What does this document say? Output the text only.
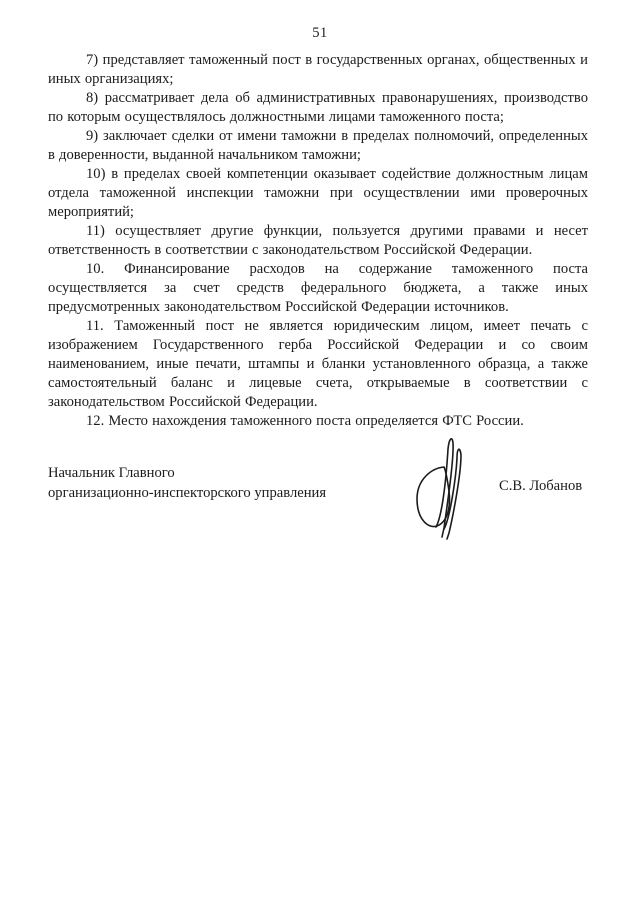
51

7) представляет таможенный пост в государственных органах, общественных и иных организациях;

8) рассматривает дела об административных правонарушениях, производство по которым осуществлялось должностными лицами таможенного поста;

9) заключает сделки от имени таможни в пределах полномочий, определенных в доверенности, выданной начальником таможни;

10) в пределах своей компетенции оказывает содействие должностным лицам отдела таможенной инспекции таможни при осуществлении ими проверочных мероприятий;

11) осуществляет другие функции, пользуется другими правами и несет ответственность в соответствии с законодательством Российской Федерации.

10. Финансирование расходов на содержание таможенного поста осуществляется за счет средств федерального бюджета, а также иных предусмотренных законодательством Российской Федерации источников.

11. Таможенный пост не является юридическим лицом, имеет печать с изображением Государственного герба Российской Федерации и со своим наименованием, иные печати, штампы и бланки установленного образца, а также самостоятельный баланс и лицевые счета, открываемые в соответствии с законодательством Российской Федерации.

12. Место нахождения таможенного поста определяется ФТС России.

Начальник Главного
организационно-инспекторского управления	С.В. Лобанов
